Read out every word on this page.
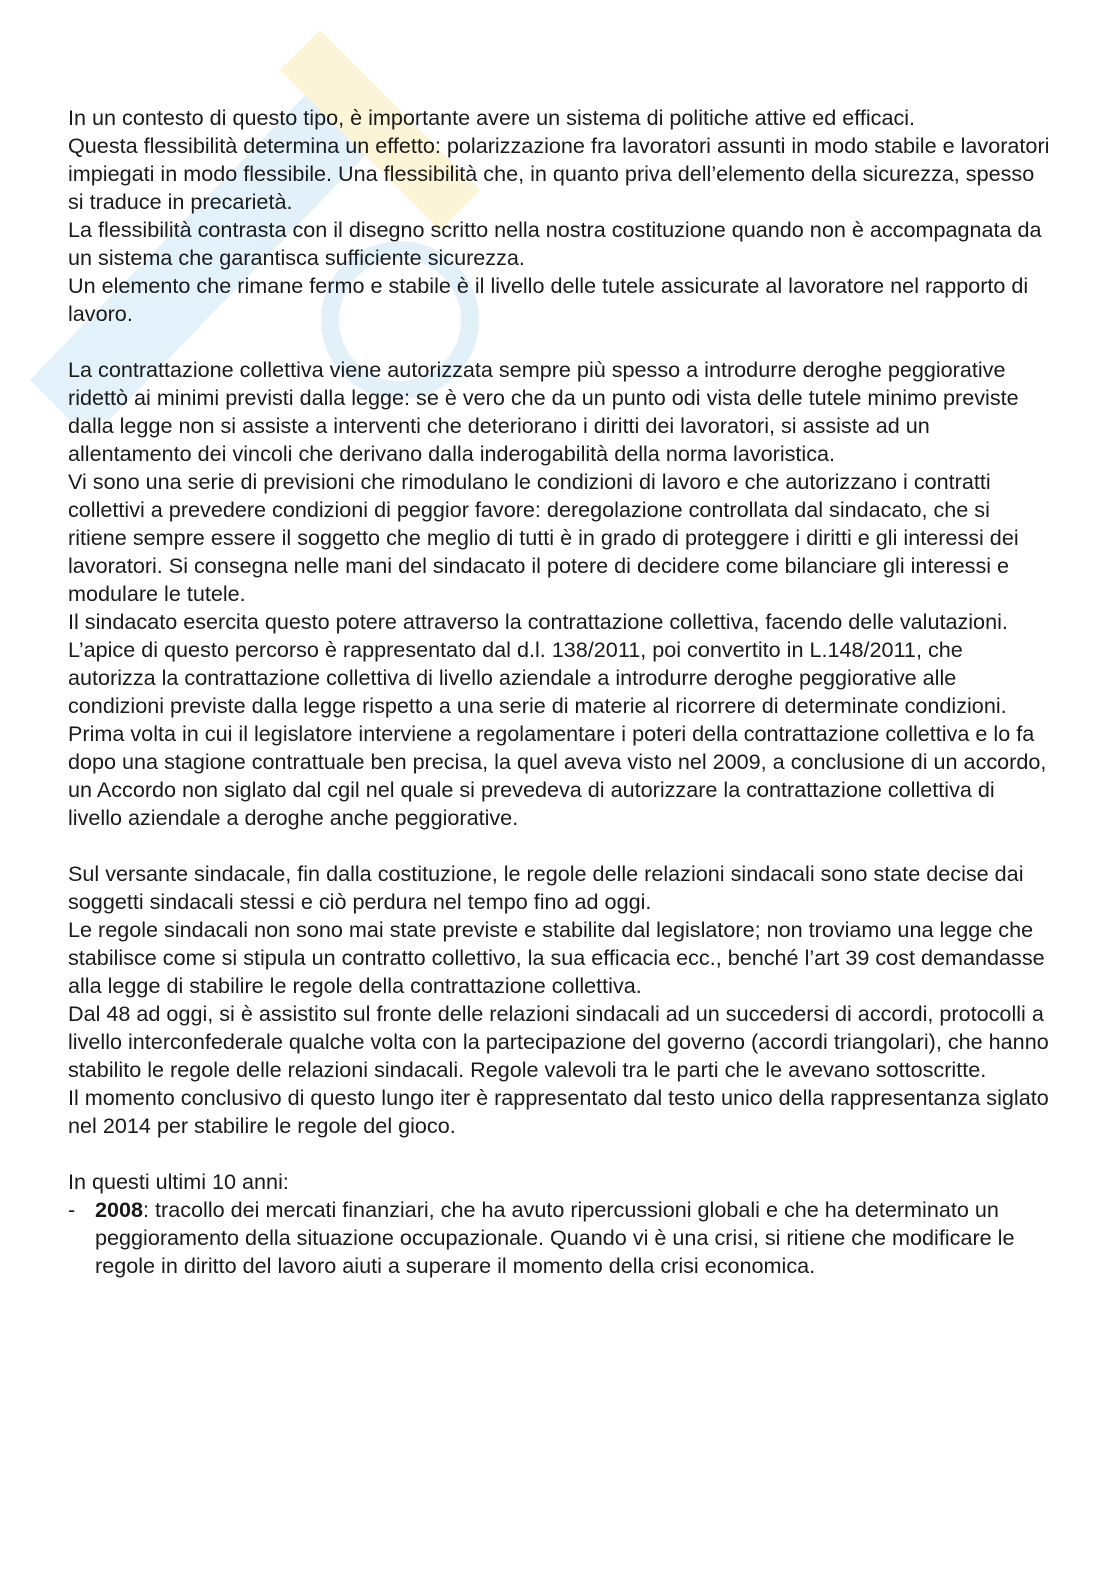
In un contesto di questo tipo, è importante avere un sistema di politiche attive ed efficaci.

Questa flessibilità determina un effetto: polarizzazione fra lavoratori assunti in modo stabile e lavoratori impiegati in modo flessibile. Una flessibilità che, in quanto priva dell’elemento della sicurezza, spesso si traduce in precarietà.

La flessibilità contrasta con il disegno scritto nella nostra costituzione quando non è accompagnata da un sistema che garantisca sufficiente sicurezza.

Un elemento che rimane fermo e stabile è il livello delle tutele assicurate al lavoratore nel rapporto di lavoro.

La contrattazione collettiva viene autorizzata sempre più spesso a introdurre deroghe peggiorative ridettò ai minimi previsti dalla legge: se è vero che da un punto odi vista delle tutele minimo previste dalla legge non si assiste a interventi che deteriorano i diritti dei lavoratori, si assiste ad un allentamento dei vincoli che derivano dalla inderogabilità della norma lavoristica.

Vi sono una serie di previsioni che rimodulano le condizioni di lavoro e che autorizzano i contratti collettivi a prevedere condizioni di peggior favore: deregolazione controllata dal sindacato, che si ritiene sempre essere il soggetto che meglio di tutti è in grado di proteggere i diritti e gli interessi dei lavoratori. Si consegna nelle mani del sindacato il potere di decidere come bilanciare gli interessi e modulare le tutele.

Il sindacato esercita questo potere attraverso la contrattazione collettiva, facendo delle valutazioni.

L’apice di questo percorso è rappresentato dal d.l. 138/2011, poi convertito in L.148/2011, che autorizza la contrattazione collettiva di livello aziendale a introdurre deroghe peggiorative alle condizioni previste dalla legge rispetto a una serie di materie al ricorrere di determinate condizioni. Prima volta in cui il legislatore interviene a regolamentare i poteri della contrattazione collettiva e lo fa dopo una stagione contrattuale ben precisa, la quel aveva visto nel 2009, a conclusione di un accordo, un Accordo non siglato dal cgil nel quale si prevedeva di autorizzare la contrattazione collettiva di livello aziendale a deroghe anche peggiorative.

Sul versante sindacale, fin dalla costituzione, le regole delle relazioni sindacali sono state decise dai soggetti sindacali stessi e ciò perdura nel tempo fino ad oggi.

Le regole sindacali non sono mai state previste e stabilite dal legislatore; non troviamo una legge che stabilisce come si stipula un contratto collettivo, la sua efficacia ecc., benché l’art 39 cost demandasse alla legge di stabilire le regole della contrattazione collettiva.

Dal 48 ad oggi, si è assistito sul fronte delle relazioni sindacali ad un succedersi di accordi, protocolli a livello interconfederale qualche volta con la partecipazione del governo (accordi triangolari), che hanno stabilito le regole delle relazioni sindacali. Regole valevoli tra le parti che le avevano sottoscritte.

Il momento conclusivo di questo lungo iter è rappresentato dal testo unico della rappresentanza siglato nel 2014 per stabilire le regole del gioco.

In questi ultimi 10 anni:

- 2008: tracollo dei mercati finanziari, che ha avuto ripercussioni globali e che ha determinato un peggioramento della situazione occupazionale. Quando vi è una crisi, si ritiene che modificare le regole in diritto del lavoro aiuti a superare il momento della crisi economica.
